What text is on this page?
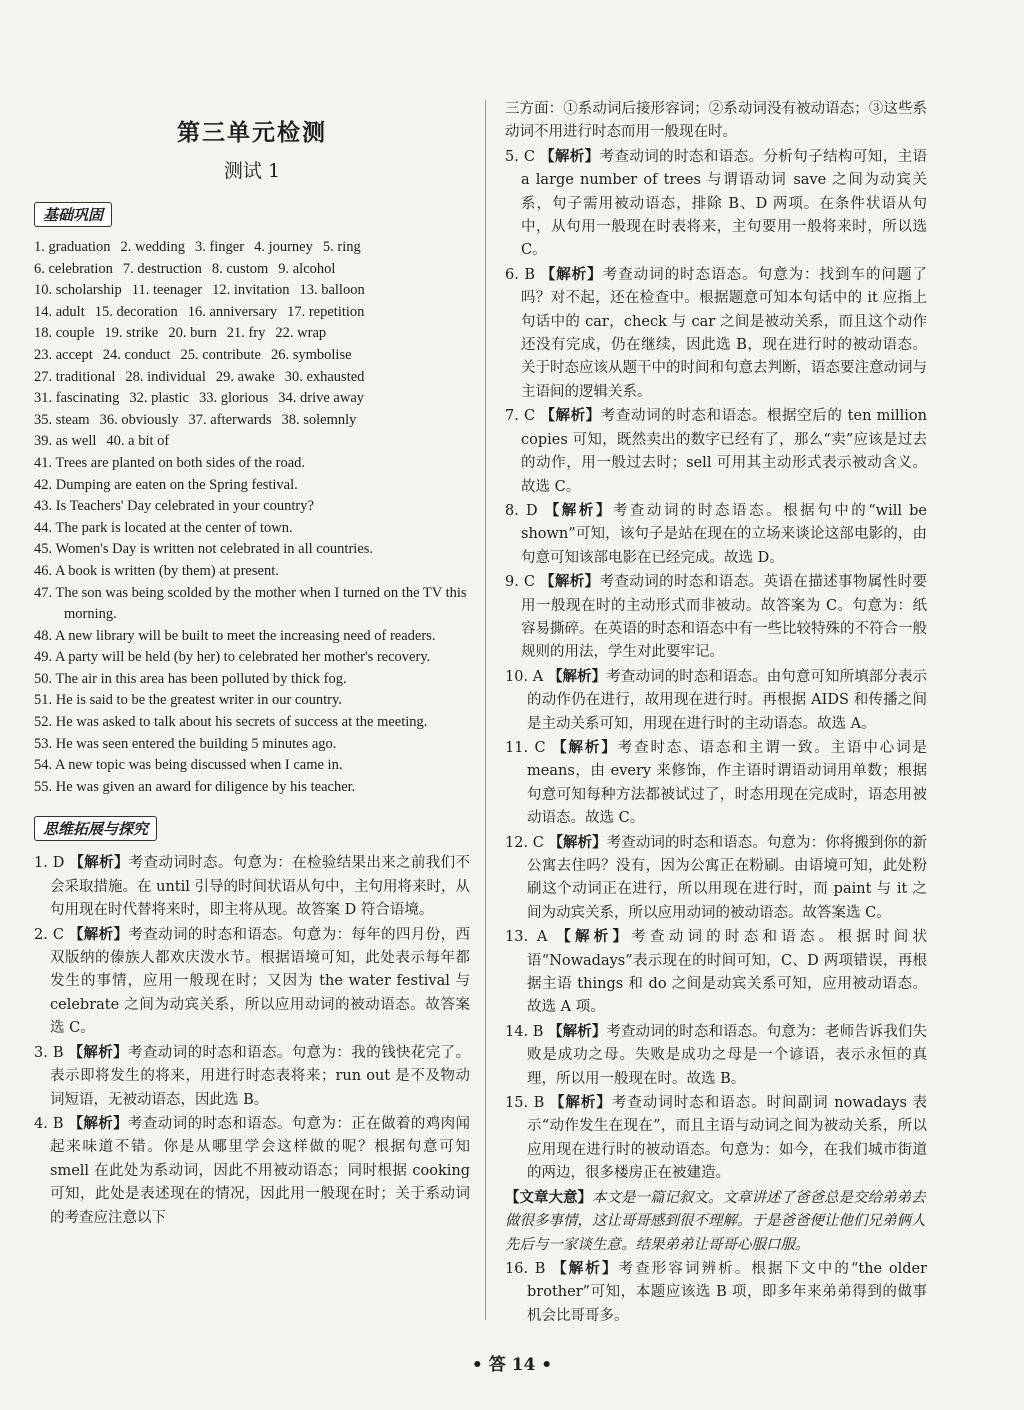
第三单元检测
测试 1
基础巩固
1. graduation 2. wedding 3. finger 4. journey 5. ring
6. celebration 7. destruction 8. custom 9. alcohol
10. scholarship 11. teenager 12. invitation 13. balloon
14. adult 15. decoration 16. anniversary 17. repetition
18. couple 19. strike 20. burn 21. fry 22. wrap
23. accept 24. conduct 25. contribute 26. symbolise
27. traditional 28. individual 29. awake 30. exhausted
31. fascinating 32. plastic 33. glorious 34. drive away
35. steam 36. obviously 37. afterwards 38. solemnly
39. as well 40. a bit of
41. Trees are planted on both sides of the road.
42. Dumping are eaten on the Spring festival.
43. Is Teachers' Day celebrated in your country?
44. The park is located at the center of town.
45. Women's Day is written not celebrated in all countries.
46. A book is written (by them) at present.
47. The son was being scolded by the mother when I turned on the TV this morning.
48. A new library will be built to meet the increasing need of readers.
49. A party will be held (by her) to celebrated her mother's recovery.
50. The air in this area has been polluted by thick fog.
51. He is said to be the greatest writer in our country.
52. He was asked to talk about his secrets of success at the meeting.
53. He was seen entered the building 5 minutes ago.
54. A new topic was being discussed when I came in.
55. He was given an award for diligence by his teacher.
思维拓展与探究
1. D 【解析】考查动词时态。句意为：在检验结果出来之前我们不会采取措施。在 until 引导的时间状语从句中，主句用将来时，从句用现在时代替将来时，即主将从现。故答案 D 符合语境。
2. C 【解析】考查动词的时态和语态。句意为：每年的四月份，西双版纳的傣族人都欢庆泼水节。根据语境可知，此处表示每年都发生的事情，应用一般现在时；又因为 the water festival 与 celebrate 之间为动宾关系，所以应用动词的被动语态。故答案选 C。
3. B 【解析】考查动词的时态和语态。句意为：我的钱快花完了。表示即将发生的将来，用进行时态表将来；run out 是不及物动词短语，无被动语态，因此选 B。
4. B 【解析】考查动词的时态和语态。句意为：正在做着的鸡肉闻起来味道不错。你是从哪里学会这样做的呢？根据句意可知 smell 在此处为系动词，因此不用被动语态；同时根据 cooking 可知，此处是表述现在的情况，因此用一般现在时；关于系动词的考查应注意以下
三方面：①系动词后接形容词；②系动词没有被动语态；③这些系动词不用进行时态而用一般现在时。
5. C 【解析】考查动词的时态和语态。分析句子结构可知，主语 a large number of trees 与谓语动词 save 之间为动宾关系，句子需用被动语态，排除 B、D 两项。在条件状语从句中，从句用一般现在时表将来，主句要用一般将来时，所以选 C。
6. B 【解析】考查动词的时态语态。句意为：找到车的问题了吗？对不起，还在检查中。根据题意可知本句话中的 it 应指上句话中的 car，check 与 car 之间是被动关系，而且这个动作还没有完成，仍在继续，因此选 B，现在进行时的被动语态。关于时态应该从题干中的时间和句意去判断，语态要注意动词与主语间的逻辑关系。
7. C 【解析】考查动词的时态和语态。根据空后的 ten million copies 可知，既然卖出的数字已经有了，那么“卖”应该是过去的动作，用一般过去时；sell 可用其主动形式表示被动含义。故选 C。
8. D 【解析】考查动词的时态语态。根据句中的“will be shown”可知，该句子是站在现在的立场来谈论这部电影的，由句意可知该部电影在已经完成。故选 D。
9. C 【解析】考查动词的时态和语态。英语在描述事物属性时要用一般现在时的主动形式而非被动。故答案为 C。句意为：纸容易撕碎。在英语的时态和语态中有一些比较特殊的不符合一般规则的用法，学生对此要牢记。
10. A 【解析】考查动词的时态和语态。由句意可知所填部分表示的动作仍在进行，故用现在进行时。再根据 AIDS 和传播之间是主动关系可知，用现在进行时的主动语态。故选 A。
11. C 【解析】考查时态、语态和主谓一致。主语中心词是 means，由 every 来修饰，作主语时谓语动词用单数；根据句意可知每种方法都被试过了，时态用现在完成时，语态用被动语态。故选 C。
12. C 【解析】考查动词的时态和语态。句意为：你将搬到你的新公寓去住吗？没有，因为公寓正在粉刷。由语境可知，此处粉刷这个动词正在进行，所以用现在进行时，而 paint 与 it 之间为动宾关系，所以应用动词的被动语态。故答案选 C。
13. A 【解析】考查动词的时态和语态。根据时间状语“Nowadays”表示现在的时间可知，C、D 两项错误，再根据主语 things 和 do 之间是动宾关系可知，应用被动语态。故选 A 项。
14. B 【解析】考查动词的时态和语态。句意为：老师告诉我们失败是成功之母。失败是成功之母是一个谚语，表示永恒的真理，所以用一般现在时。故选 B。
15. B 【解析】考查动词时态和语态。时间副词 nowadays 表示“动作发生在现在”，而且主语与动词之间为被动关系，所以应用现在进行时的被动语态。句意为：如今，在我们城市街道的两边，很多楼房正在被建造。
【文章大意】本文是一篇记叙文。文章讲述了爸爸总是交给弟弟去做很多事情，这让哥哥感到很不理解。于是爸爸便让他们兄弟俩人先后与一家谈生意。结果弟弟让哥哥心服口服。
16. B 【解析】考查形容词辨析。根据下文中的“the older brother”可知，本题应该选 B 项，即多年来弟弟得到的做事机会比哥哥多。
• 答 14 •
